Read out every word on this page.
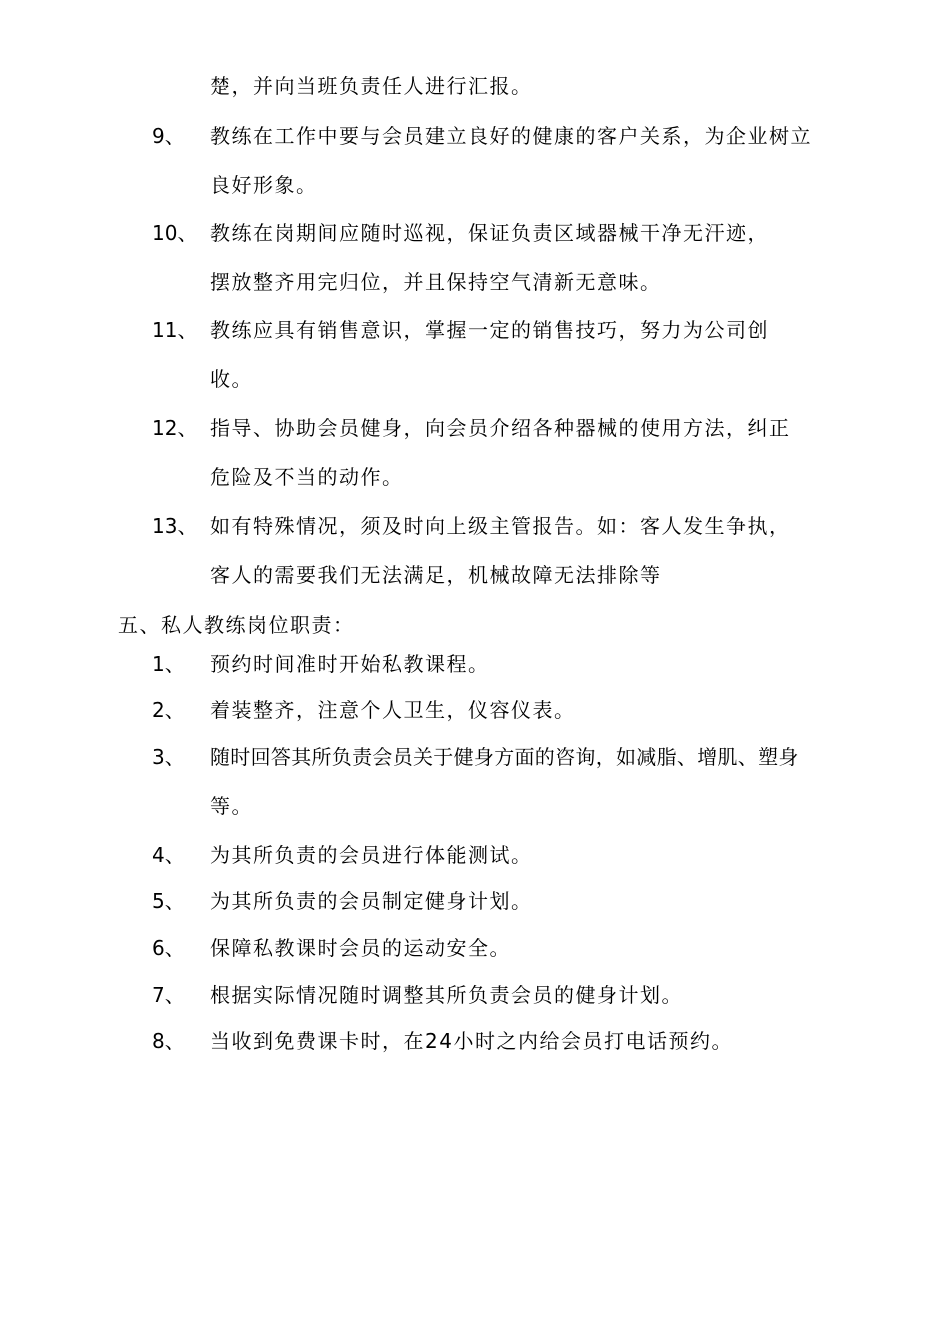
楚，并向当班负责任人进行汇报。
9、 教练在工作中要与会员建立良好的健康的客户关系，为企业树立
良好形象。
10、 教练在岗期间应随时巡视，保证负责区域器械干净无汗迹，
摆放整齐用完归位，并且保持空气清新无意味。
11、 教练应具有销售意识，掌握一定的销售技巧，努力为公司创
收。
12、 指导、协助会员健身，向会员介绍各种器械的使用方法，纠正
危险及不当的动作。
13、 如有特殊情况，须及时向上级主管报告。如：客人发生争执，
客人的需要我们无法满足，机械故障无法排除等
五、私人教练岗位职责：
1、 预约时间准时开始私教课程。
2、 着装整齐，注意个人卫生，仪容仪表。
3、 随时回答其所负责会员关于健身方面的咨询，如减脂、增肌、塑身
等。
4、 为其所负责的会员进行体能测试。
5、 为其所负责的会员制定健身计划。
6、 保障私教课时会员的运动安全。
7、 根据实际情况随时调整其所负责会员的健身计划。
8、 当收到免费课卡时，在24小时之内给会员打电话预约。
